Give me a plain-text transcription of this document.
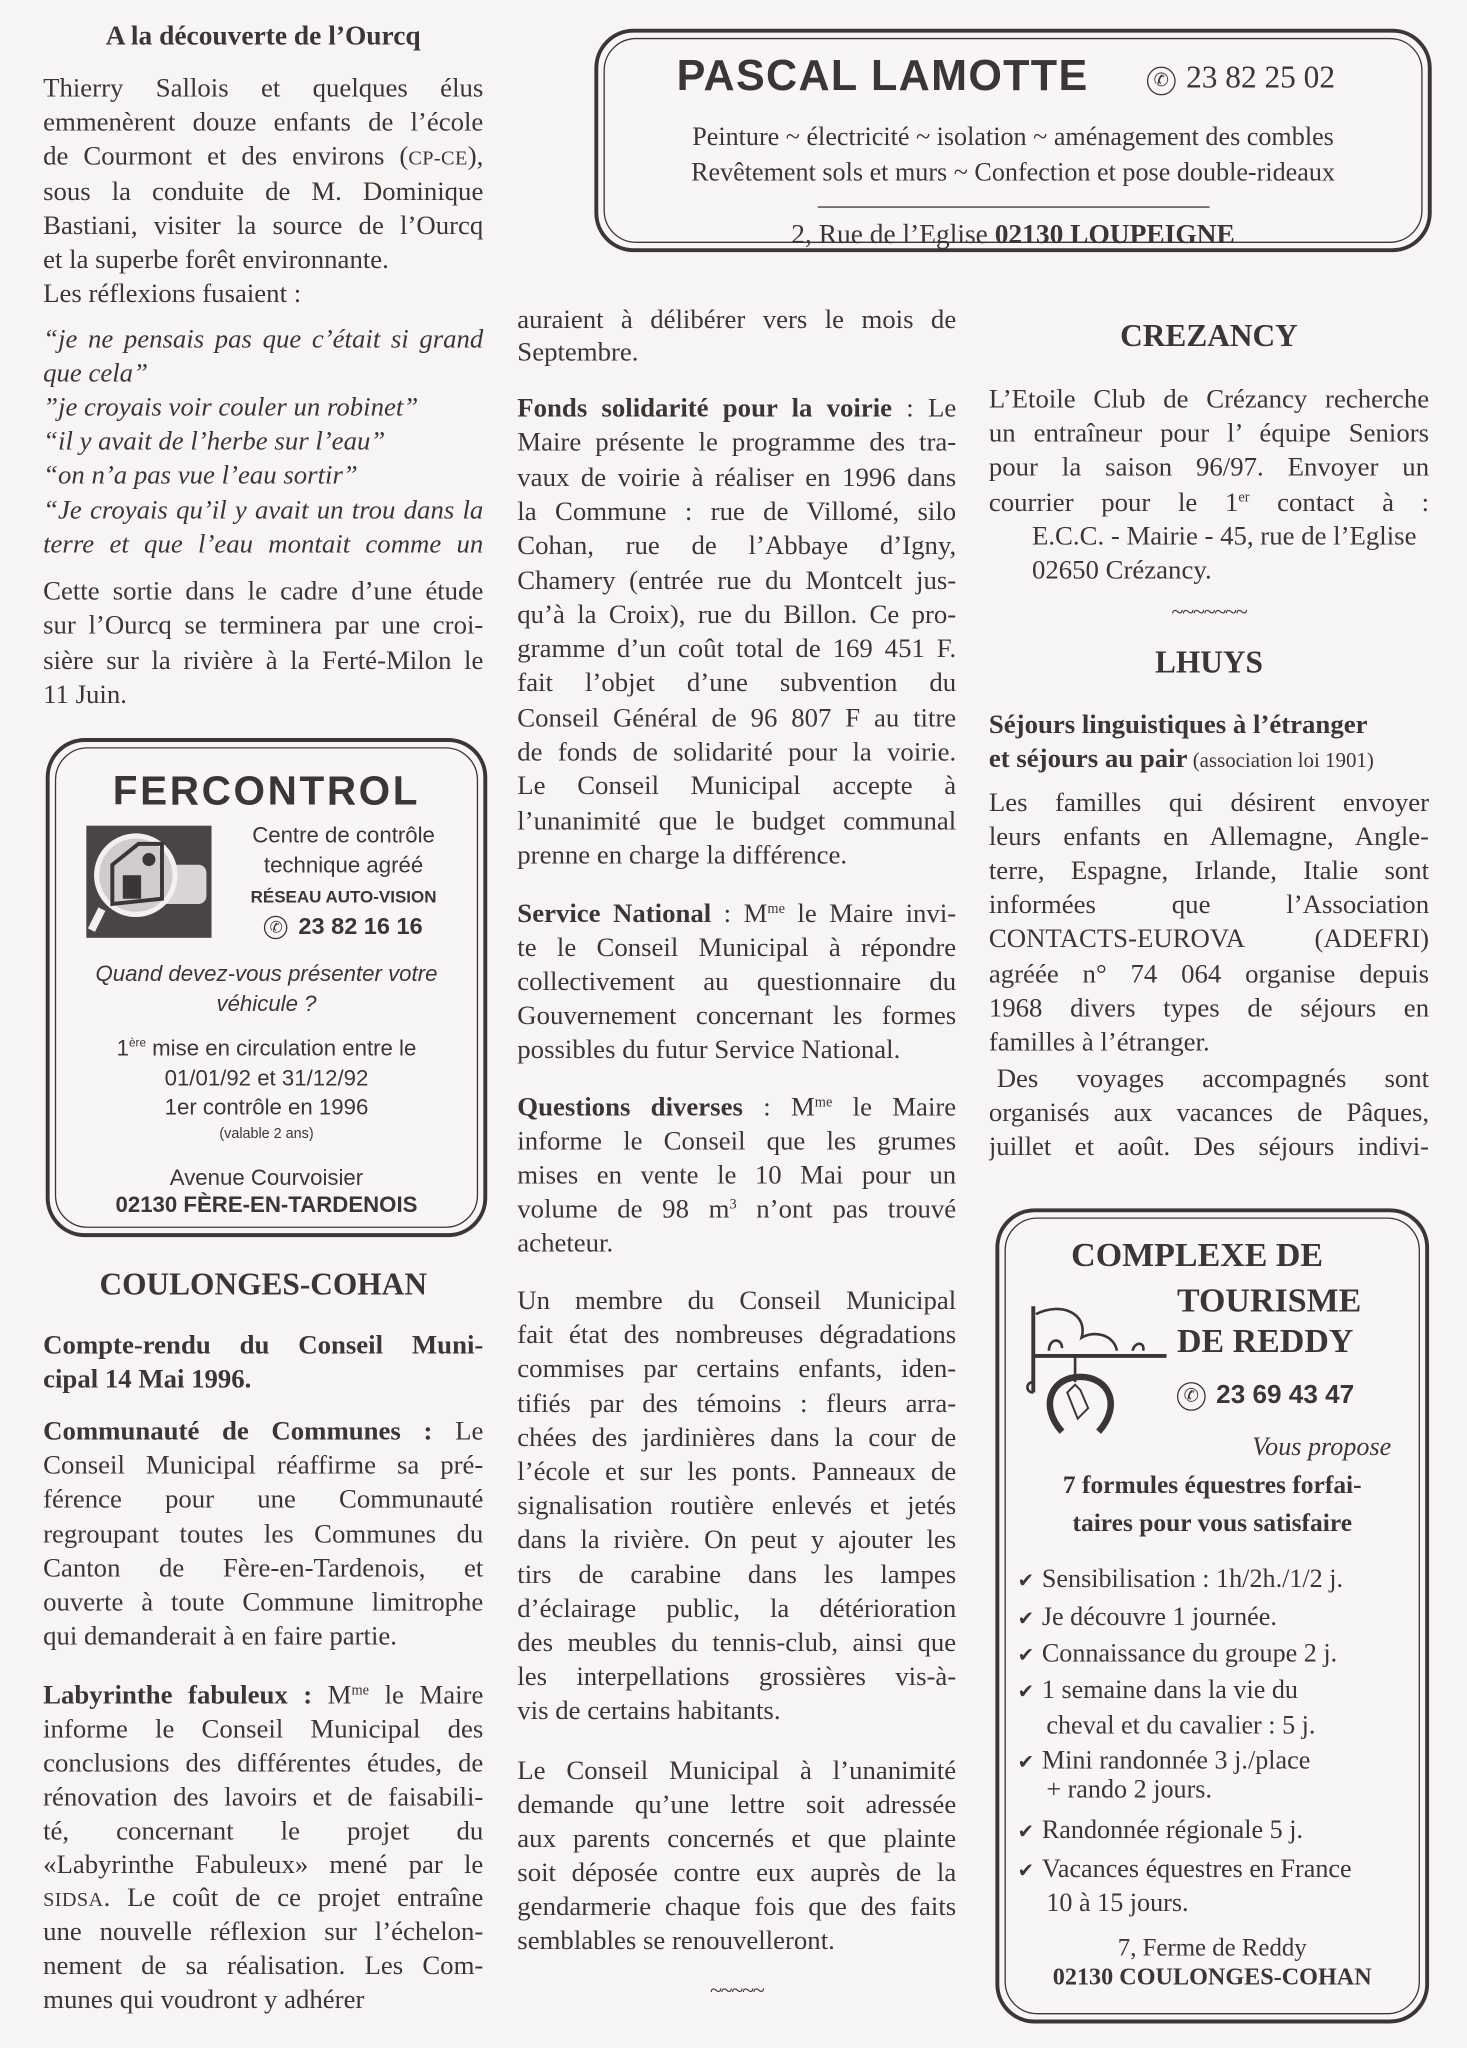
A la découverte de l’Ourcq
COULONGES-COHAN
CREZANCY
~~~~~~~
LHUYS
~~~~~
Thierry Sallois et quelques élus
emmenèrent douze enfants de l’école
de Courmont et des environs (CP-CE),
sous la conduite de M. Dominique
Bastiani, visiter la source de l’Ourcq
et la superbe forêt environnante.
Les réflexions fusaient :
“je ne pensais pas que c’était si grand
que cela”
”je croyais voir couler un robinet”
“il y avait de l’herbe sur l’eau”
“on n’a pas vue l’eau sortir”
“Je croyais qu’il y avait un trou dans la
terre et que l’eau montait comme un
Cette sortie dans le cadre d’une étude
sur l’Ourcq se terminera par une croi-
sière sur la rivière à la Ferté-Milon le
11 Juin.
Compte-rendu du Conseil Muni-
cipal 14 Mai 1996.
Communauté de Communes : Le
Conseil Municipal réaffirme sa pré-
férence pour une Communauté
regroupant toutes les Communes du
Canton de Fère-en-Tardenois, et
ouverte à toute Commune limitrophe
qui demanderait à en faire partie.
Labyrinthe fabuleux : $M^{me}$ le Maire
informe le Conseil Municipal des
conclusions des différentes études, de
rénovation des lavoirs et de faisabili-
té, concernant le projet du
«Labyrinthe Fabuleux» mené par le
SIDSA. Le coût de ce projet entraîne
une nouvelle réflexion sur l’échelon-
nement de sa réalisation. Les Com-
munes qui voudront y adhérer
auraient à délibérer vers le mois de
Septembre.
Fonds solidarité pour la voirie : Le
Maire présente le programme des tra-
vaux de voirie à réaliser en 1996 dans
la Commune : rue de Villomé, silo
Cohan, rue de l’Abbaye d’Igny,
Chamery (entrée rue du Montcelt jus-
qu’à la Croix), rue du Billon. Ce pro-
gramme d’un coût total de 169 451 F.
fait l’objet d’une subvention du
Conseil Général de 96 807 F au titre
de fonds de solidarité pour la voirie.
Le Conseil Municipal accepte à
l’unanimité que le budget communal
prenne en charge la différence.
Service National : $M^{me}$ le Maire invi-
te le Conseil Municipal à répondre
collectivement au questionnaire du
Gouvernement concernant les formes
possibles du futur Service National.
Questions diverses : $M^{me}$ le Maire
informe le Conseil que les grumes
mises en vente le 10 Mai pour un
volume de 98 $m^3$ n’ont pas trouvé
acheteur.
Un membre du Conseil Municipal
fait état des nombreuses dégradations
commises par certains enfants, iden-
tifiés par des témoins : fleurs arra-
chées des jardinières dans la cour de
l’école et sur les ponts. Panneaux de
signalisation routière enlevés et jetés
dans la rivière. On peut y ajouter les
tirs de carabine dans les lampes
d’éclairage public, la détérioration
des meubles du tennis-club, ainsi que
les interpellations grossières vis-à-
vis de certains habitants.
Le Conseil Municipal à l’unanimité
demande qu’une lettre soit adressée
aux parents concernés et que plainte
soit déposée contre eux auprès de la
gendarmerie chaque fois que des faits
semblables se renouvelleront.
L’Etoile Club de Crézancy recherche
un entraîneur pour l’ équipe Seniors
pour la saison 96/97. Envoyer un
courrier pour le 1er contact à :
E.C.C. - Mairie - 45, rue de l’Eglise
02650 Crézancy.
Séjours linguistiques à l’étranger
et séjours au pair (association loi 1901)
Les familles qui désirent envoyer
leurs enfants en Allemagne, Angle-
terre, Espagne, Irlande, Italie sont
informées que l’Association
CONTACTS-EUROVA (ADEFRI)
agréée n° 74 064 organise depuis
1968 divers types de séjours en
familles à l’étranger.
Des voyages accompagnés sont
organisés aux vacances de Pâques,
juillet et août. Des séjours indivi-
PASCAL LAMOTTE	✆ 23 82 25 02
Peinture ~ électricité ~ isolation ~ aménagement des combles
Revêtement sols et murs ~ Confection et pose double-rideaux
2, Rue de l’Eglise 02130 LOUPEIGNE
FERCONTROL
Centre de contrôle
technique agréé
RÉSEAU AUTO-VISION
✆ 23 82 16 16
Quand devez-vous présenter votre
véhicule ?
1ère mise en circulation entre le
01/01/92 et 31/12/92
1er contrôle en 1996
(valable 2 ans)
Avenue Courvoisier
02130 FÈRE-EN-TARDENOIS
COMPLEXE DE
TOURISME
DE REDDY
✆ 23 69 43 47
Vous propose
7 formules équestres forfai-
taires pour vous satisfaire
✔ Sensibilisation : 1h/2h./1/2 j.
✔ Je découvre 1 journée.
✔ Connaissance du groupe 2 j.
✔ 1 semaine dans la vie du
cheval et du cavalier : 5 j.
✔ Mini randonnée 3 j./place
+ rando 2 jours.
✔ Randonnée régionale 5 j.
✔ Vacances équestres en France
10 à 15 jours.
7, Ferme de Reddy
02130 COULONGES-COHAN
